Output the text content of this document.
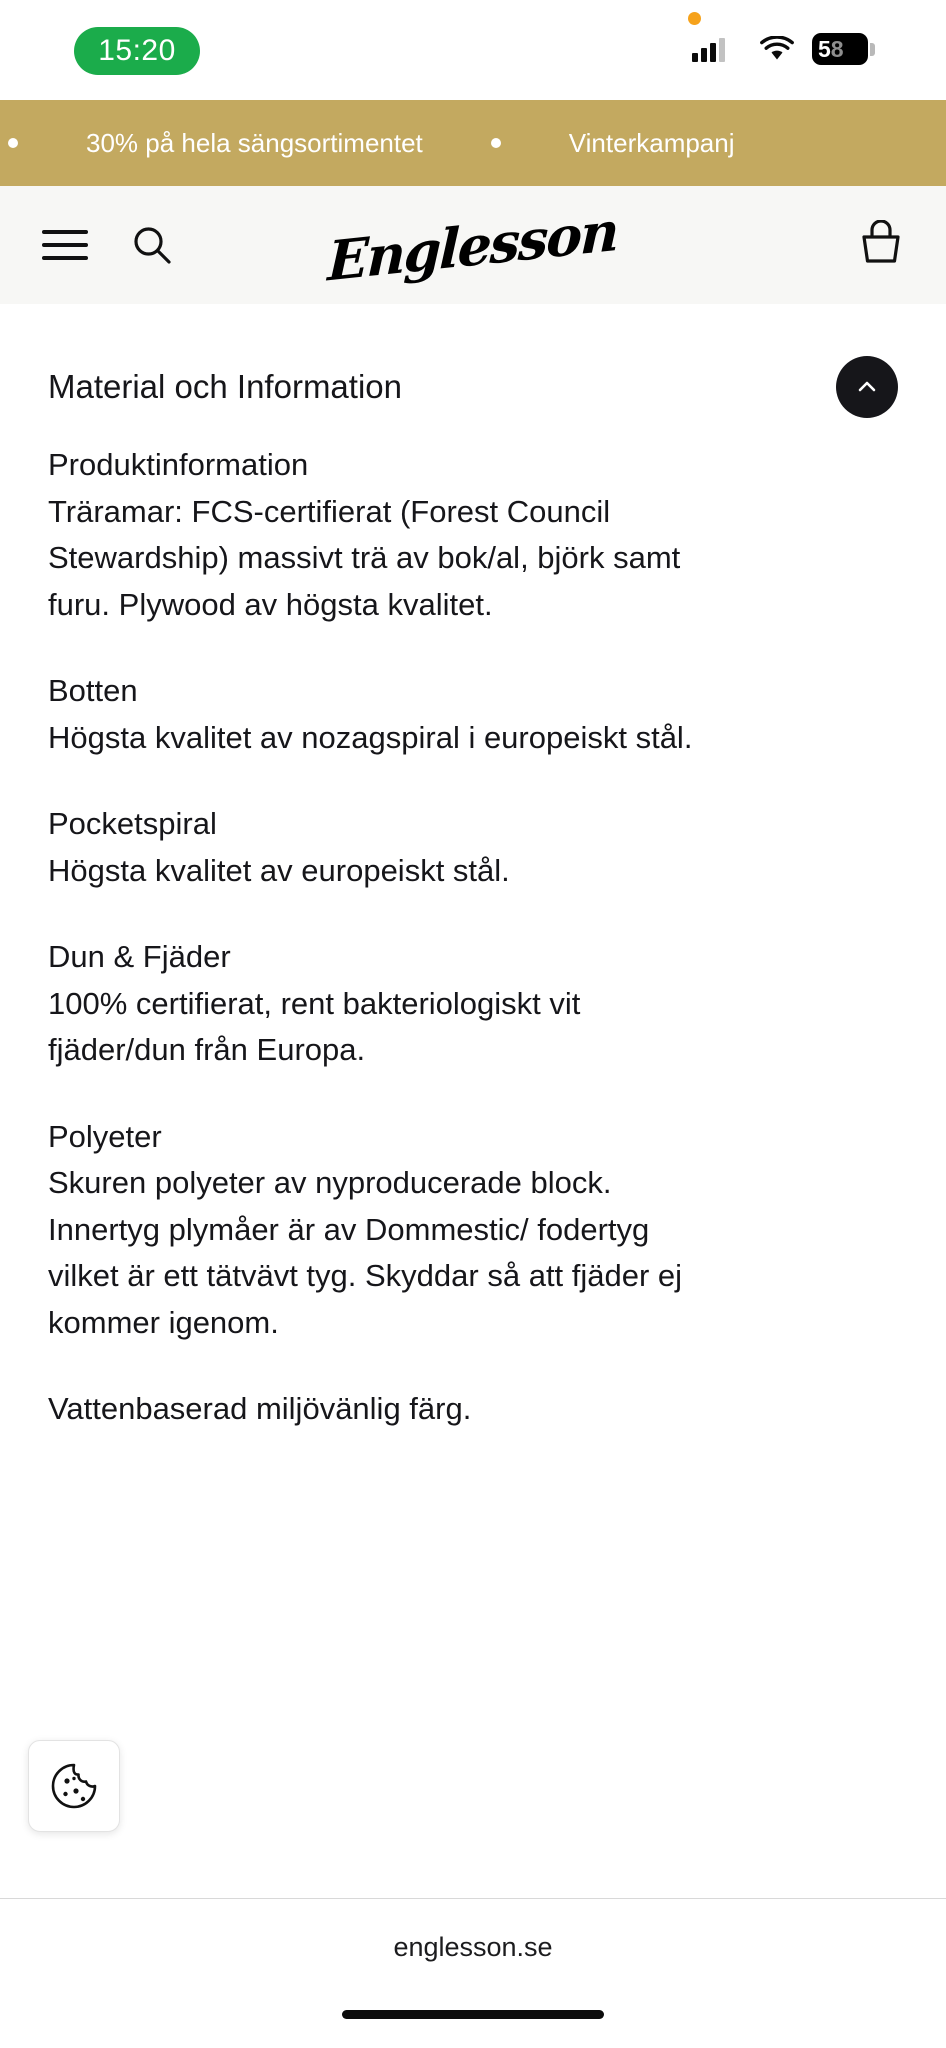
15:20	5 8
30% på hela sängsortimentet	Vinterkampanj
Englesson
Material och Information
Produktinformation
Träramar: FCS-certifierat (Forest Council
Stewardship) massivt trä av bok/al, björk samt
furu. Plywood av högsta kvalitet.
Botten
Högsta kvalitet av nozagspiral i europeiskt stål.
Pocketspiral
Högsta kvalitet av europeiskt stål.
Dun & Fjäder
100% certifierat, rent bakteriologiskt vit
fjäder/dun från Europa.
Polyeter
Skuren polyeter av nyproducerade block.
Innertyg plymåer är av Dommestic/ fodertyg
vilket är ett tätvävt tyg. Skyddar så att fjäder ej
kommer igenom.
Vattenbaserad miljövänlig färg.
englesson.se
